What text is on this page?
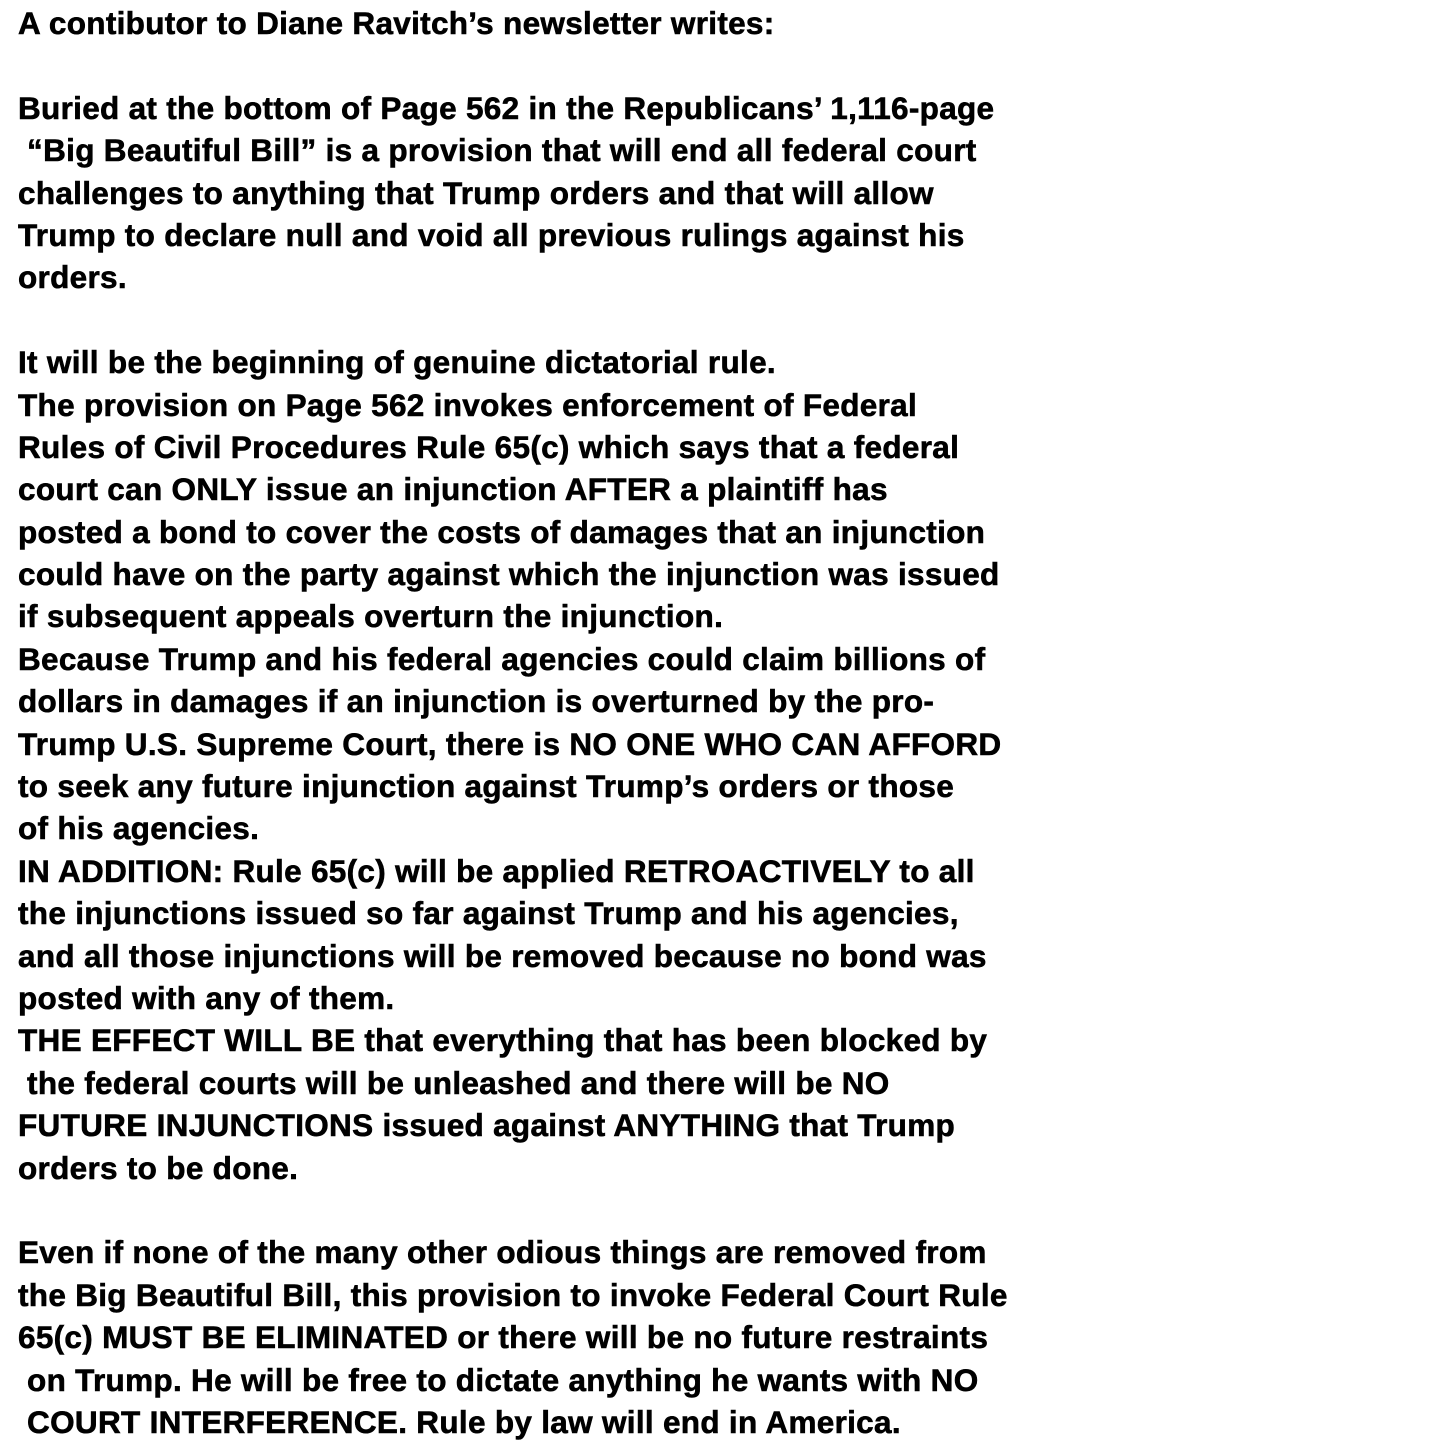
A contibutor to Diane Ravitch’s newsletter writes:
Buried at the bottom of Page 562 in the Republicans’ 1,116-page
“Big Beautiful Bill” is a provision that will end all federal court
challenges to anything that Trump orders and that will allow
Trump to declare null and void all previous rulings against his
orders.
It will be the beginning of genuine dictatorial rule.
The provision on Page 562 invokes enforcement of Federal
Rules of Civil Procedures Rule 65(c) which says that a federal
court can ONLY issue an injunction AFTER a plaintiff has
posted a bond to cover the costs of damages that an injunction
could have on the party against which the injunction was issued
if subsequent appeals overturn the injunction.
Because Trump and his federal agencies could claim billions of
dollars in damages if an injunction is overturned by the pro-
Trump U.S. Supreme Court, there is NO ONE WHO CAN AFFORD
to seek any future injunction against Trump’s orders or those
of his agencies.
IN ADDITION: Rule 65(c) will be applied RETROACTIVELY to all
the injunctions issued so far against Trump and his agencies,
and all those injunctions will be removed because no bond was
posted with any of them.
THE EFFECT WILL BE that everything that has been blocked by
the federal courts will be unleashed and there will be NO
FUTURE INJUNCTIONS issued against ANYTHING that Trump
orders to be done.
Even if none of the many other odious things are removed from
the Big Beautiful Bill, this provision to invoke Federal Court Rule
65(c) MUST BE ELIMINATED or there will be no future restraints
on Trump. He will be free to dictate anything he wants with NO
COURT INTERFERENCE. Rule by law will end in America.
